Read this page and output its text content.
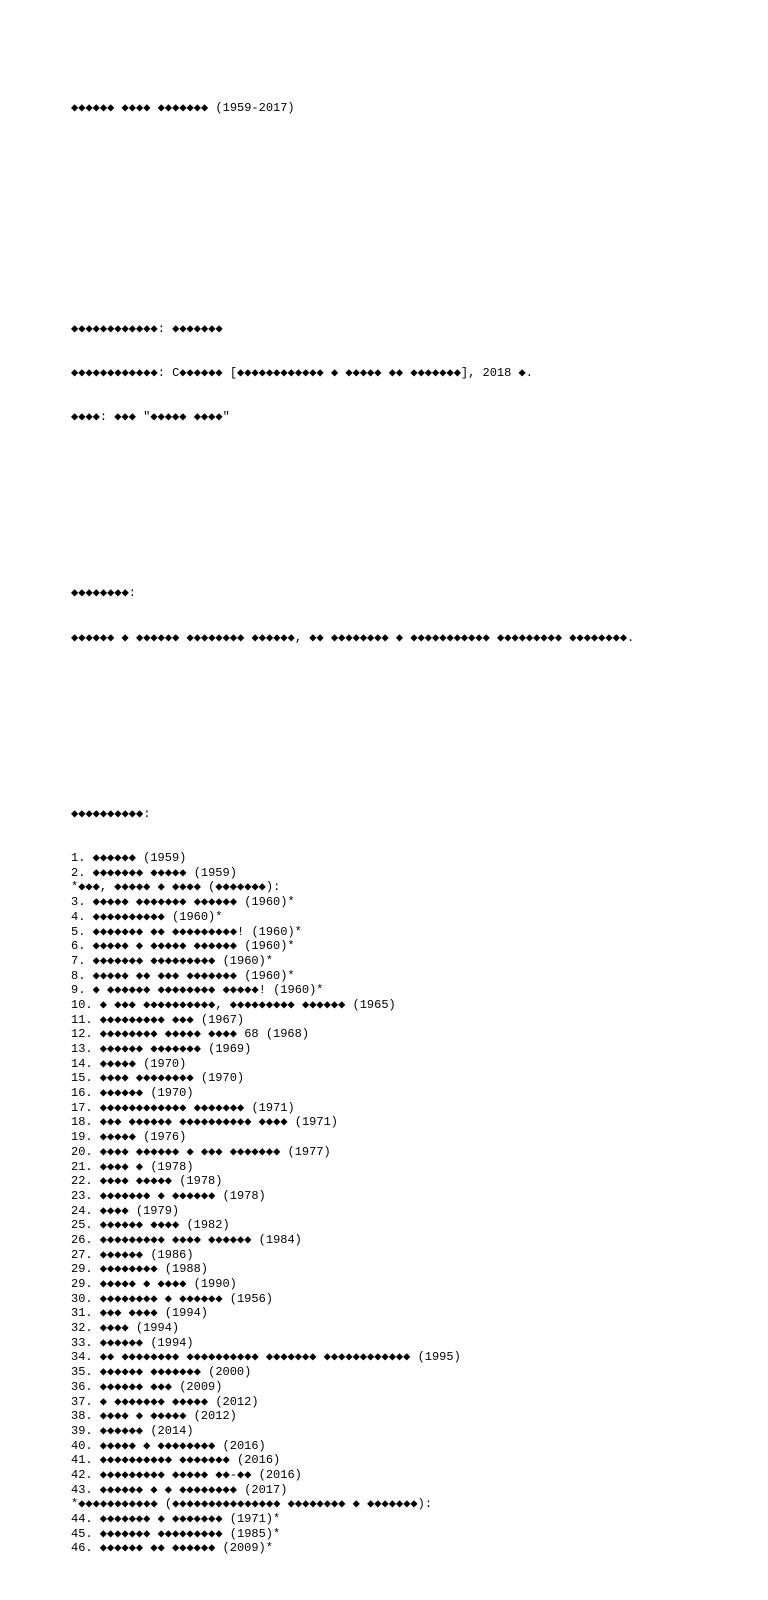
◆◆◆◆◆◆ ◆◆◆◆ ◆◆◆◆◆◆◆ (1959-2017)

◆◆◆◆◆◆◆◆◆◆◆◆: ◆◆◆◆◆◆◆

◆◆◆◆◆◆◆◆◆◆◆◆: C◆◆◆◆◆◆ [◆◆◆◆◆◆◆◆◆◆◆◆ ◆ ◆◆◆◆◆ ◆◆ ◆◆◆◆◆◆◆], 2018 ◆.

◆◆◆◆: ◆◆◆ "◆◆◆◆◆ ◆◆◆◆"

◆◆◆◆◆◆◆◆:

◆◆◆◆◆◆ ◆ ◆◆◆◆◆◆ ◆◆◆◆◆◆◆◆ ◆◆◆◆◆◆, ◆◆ ◆◆◆◆◆◆◆◆ ◆ ◆◆◆◆◆◆◆◆◆◆◆ ◆◆◆◆◆◆◆◆◆ ◆◆◆◆◆◆◆◆.

◆◆◆◆◆◆◆◆◆◆:

1. ◆◆◆◆◆◆ (1959)
2. ◆◆◆◆◆◆◆ ◆◆◆◆◆ (1959)
*◆◆◆, ◆◆◆◆◆ ◆ ◆◆◆◆ (◆◆◆◆◆◆◆):
3. ◆◆◆◆◆ ◆◆◆◆◆◆◆ ◆◆◆◆◆◆ (1960)*
4. ◆◆◆◆◆◆◆◆◆◆ (1960)*
5. ◆◆◆◆◆◆◆ ◆◆ ◆◆◆◆◆◆◆◆◆! (1960)*
6. ◆◆◆◆◆ ◆ ◆◆◆◆◆ ◆◆◆◆◆◆ (1960)*
7. ◆◆◆◆◆◆◆ ◆◆◆◆◆◆◆◆◆ (1960)*
8. ◆◆◆◆◆ ◆◆ ◆◆◆ ◆◆◆◆◆◆◆ (1960)*
9. ◆ ◆◆◆◆◆◆ ◆◆◆◆◆◆◆◆ ◆◆◆◆◆! (1960)*
10. ◆ ◆◆◆ ◆◆◆◆◆◆◆◆◆◆, ◆◆◆◆◆◆◆◆◆ ◆◆◆◆◆◆ (1965)
11. ◆◆◆◆◆◆◆◆◆ ◆◆◆ (1967)
12. ◆◆◆◆◆◆◆◆ ◆◆◆◆◆ ◆◆◆◆ 68 (1968)
13. ◆◆◆◆◆◆ ◆◆◆◆◆◆◆ (1969)
14. ◆◆◆◆◆ (1970)
15. ◆◆◆◆ ◆◆◆◆◆◆◆◆ (1970)
16. ◆◆◆◆◆◆ (1970)
17. ◆◆◆◆◆◆◆◆◆◆◆◆ ◆◆◆◆◆◆◆ (1971)
18. ◆◆◆ ◆◆◆◆◆◆ ◆◆◆◆◆◆◆◆◆◆ ◆◆◆◆ (1971)
19. ◆◆◆◆◆ (1976)
20. ◆◆◆◆ ◆◆◆◆◆◆ ◆ ◆◆◆ ◆◆◆◆◆◆◆ (1977)
21. ◆◆◆◆ ◆ (1978)
22. ◆◆◆◆ ◆◆◆◆◆ (1978)
23. ◆◆◆◆◆◆◆ ◆ ◆◆◆◆◆◆ (1978)
24. ◆◆◆◆ (1979)
25. ◆◆◆◆◆◆ ◆◆◆◆ (1982)
26. ◆◆◆◆◆◆◆◆◆ ◆◆◆◆ ◆◆◆◆◆◆ (1984)
27. ◆◆◆◆◆◆ (1986)
29. ◆◆◆◆◆◆◆◆ (1988)
29. ◆◆◆◆◆ ◆ ◆◆◆◆ (1990)
30. ◆◆◆◆◆◆◆◆ ◆ ◆◆◆◆◆◆ (1956)
31. ◆◆◆ ◆◆◆◆ (1994)
32. ◆◆◆◆ (1994)
33. ◆◆◆◆◆◆ (1994)
34. ◆◆ ◆◆◆◆◆◆◆◆ ◆◆◆◆◆◆◆◆◆◆ ◆◆◆◆◆◆◆ ◆◆◆◆◆◆◆◆◆◆◆◆ (1995)
35. ◆◆◆◆◆◆ ◆◆◆◆◆◆◆ (2000)
36. ◆◆◆◆◆◆ ◆◆◆ (2009)
37. ◆ ◆◆◆◆◆◆◆ ◆◆◆◆◆ (2012)
38. ◆◆◆◆ ◆ ◆◆◆◆◆ (2012)
39. ◆◆◆◆◆◆ (2014)
40. ◆◆◆◆◆ ◆ ◆◆◆◆◆◆◆◆ (2016)
41. ◆◆◆◆◆◆◆◆◆◆ ◆◆◆◆◆◆◆ (2016)
42. ◆◆◆◆◆◆◆◆◆ ◆◆◆◆◆ ◆◆-◆◆ (2016)
43. ◆◆◆◆◆◆ ◆ ◆ ◆◆◆◆◆◆◆◆ (2017)
*◆◆◆◆◆◆◆◆◆◆◆ (◆◆◆◆◆◆◆◆◆◆◆◆◆◆◆ ◆◆◆◆◆◆◆◆ ◆ ◆◆◆◆◆◆◆):
44. ◆◆◆◆◆◆◆ ◆ ◆◆◆◆◆◆◆ (1971)*
45. ◆◆◆◆◆◆◆ ◆◆◆◆◆◆◆◆◆ (1985)*
46. ◆◆◆◆◆◆ ◆◆ ◆◆◆◆◆◆ (2009)*
